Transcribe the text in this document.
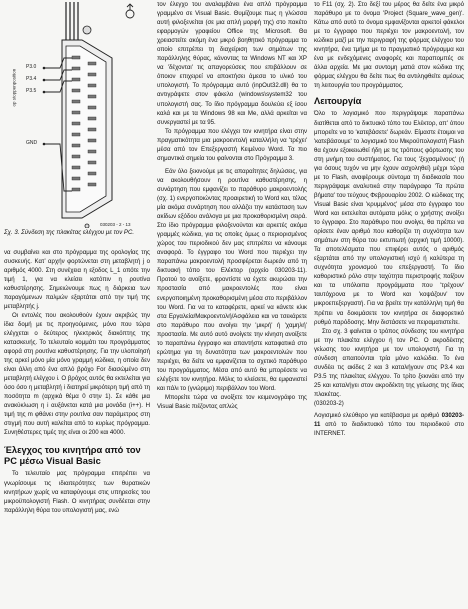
op stoppenposition
P3.0
P3.4
P3.5
GND
030203 - 2 - 13

Σχ. 3. Σύνδεση της πλακέτας ελέγχου με τον PC.

να συμβαίνει και στο πρόγραμμα της ορολογίας της συσκευής. Κατ’ αρχήν φορτώνεται στη μεταβλητή j ο αριθμός 4000. Στη συνέχεια η εξοδος L_1 οπότε την τιμή 1, για να κλείσει κατόπιν η ρουτίνα καθυστέρησης. Σημειώνουμε πως η διάρκεια των παραγόμενων παλμών εξαρτάται από την τιμή της μεταβλητής j.

Οι εντολές που ακολουθούν έχουν ακριβώς την ίδια δομή με τις προηγούμενες, μόνο που τώρα ελέγχεται ο δεύτερος ηλεκτρικός διακόπτης της κατασκευής. Το τελευταίο κομμάτι του προγράμματος αφορά στη ρουτίνα καθυστέρησης. Για την υλοποίησή της αρκεί μόνο μία μόνο γραμμή κώδικα, η οποία δεν είναι άλλη από ένα απλό βρόχο For διασώμένο στη μεταβλητή ελέγχου i. Ο βρόχος αυτός θα εκτελείται για όσο όσο η μεταβλητή i διατηρεί μικρότερη τιμή από τη ποσότητα m (αρχικά θέμα 0 στην 1). Σε κάθε μια ανακύκλωση η i αυξάνεται κατά μια μονάδα (i++). Η τιμή της m φθάνει στην ρουτίνα σαν παράμετρος στη στιγμή που αυτή καλείται από το κυρίως πρόγραμμα. Συνηθέστερες τιμές της είναι οι 200 και 4000.

Έλεγχος του κινητήρα από τον PC μέσω Visual Basic

Το τελευταίο μας πρόγραμμα επιτρέπει να γνωρίσουμε τις ιδιαιτερότητες των θυρατικών κινητήρων χωρίς να καταφύγουμε στις υπηρεσίες του μικροϋπολογιστή Flash. Ο κινητήρας συνδέεται στην παράλληλη θύρα του υπολογιστή μας, ενώ

τον έλεγχο του αναλαμβάνει ένα απλό πρόγραμμα γραμμένο σε Visual Basic. Θυμίζουμε πως η γλώσσα αυτή φιλοξενείται (σε μια απλή μορφή της) στο πακέτο εφαρμογών γραφείου Office της Microsoft. Θα χρειαστείτε ακόμη ένα μικρό βοηθητικό πρόγραμμα το οποίο επιτρέπει τη διαχείριση των σημάτων της παράλληλης θύρας, κάνοντας τα Windows NT και XP να 'δέχονται' τις απαγορεύσεις που επιβάλλουν σε όποιον επιχειρεί να αποκτήσει άμεσα το υλικό του υπολογιστή. Το πρόγραμμα αυτό (inpOut32.dll) θα το αντιγράψετε στον φάκελο (windows\system32 του υπολογιστή σας. Το ίδιο πρόγραμμα δουλεύει εξ ίσου καλά και με τα Windows 98 και Me, αλλά αρκείται να συνεργαστεί με τα 95.

Το πρόγραμμα που ελέγχει τον κινητήρα είναι στην πραγματικότητα μια μακροεντολή καταλλήλη να 'τρέχει' μέσα από τον Επεξεργαστή Κειμένου Word. Τα πιο σημαντικά σημεία του φαίνονται στο Πρόγραμμα 3.

Εάν όλο ξεκινούμε με τις απαραίτητες δηλώσεις, για να ακολουθήσουν η ρουτίνα καθυστέρησης, η συνάρτηση που εμφανίζει το παράθυρο μακροεντολής (σχ. 1) ενεργοποιώντας προαιρετική το Word και, τέλος μία ακόμα συνάρτηση που αλλάζει την κατάσταση των ακίδων εξόδου ανάλογα με μια προκαθορισμένη σειρά. Στο ίδιο πρόγραμμα φιλοξενούνται και αρκετές ακόμα γραμμές κώδικα, για τις οποίες όμως ο περιορισμένος χώρος του περιοδικού δεν μας επιτρέπει να κάνουμε αναφορά. Το έγγραφο του Word που περιέχει την παραπάνω μακροεντολή προσφέρεται δωρεάν από τη δικτυακή τόπο του Ελέκτορ (αρχείο 030203-11). Προτού το ανοίξετε, φροντίστε να έχετε ακυρώσει την προστασία από μακροεντολές που είναι ενεργοποιημένη προκαθορισμένη μέσα στο περιβάλλον του Word. Για να το καταφέρετε, αρκεί να κάνετε κλικ στα Εργαλεία/Μακροεντολή/Ασφάλεια και να τσεκάρετε στο παράθυρο που ανοίγει την 'μικρή' ή 'χαμηλή' προστασία. Με αυτό αυτό ανοίγετε την κίνηση ανοίξετε το παραπάνω έγγραφο και απαντήστε καταφατικά στο ερώτημα για τη δυνατότητα των μακροεντολών που περιέχει, θα δείτε να εμφανίζεται το σχετικό παράθυρο του προγράμματος. Μέσα από αυτό θα μπορέσετε να ελέγξετε τον κινητήρα. Μόλις το κλείσετε, θα εμφανιστεί και πάλι το (γνώριμο) περιβάλλον του Word.

Μπορείτε τώρα να ανοίξετε τον κειμενογράφο της Visual Basic πιέζοντας απλώς

το F11 (σχ. 2). Στο δεξί του μέρος θα δείτε ένα μικρό παράθυρο με το όνομα 'Project (Square_wave_gen)'. Κάτω από αυτό το όνομα εμφανίζονται αρκετοί φάκελοι με το έγγραφο που περιέχει τον μακροεντολή, τον κώδικα μαζί με την περιγραφή της φόρμας ελέγχου του κινητήρα, ένα τμήμα με το πραγματικό πρόγραμμα και ένα με ενδεχόμενες αναφορές και παραπομπές σε άλλα αρχεία. Με μια συντομη ματιά στον κώδικα της φόρμας ελέγχου θα δείτε πως θα αντιληφθείτε αμέσως τη λειτουργία του προγράμματος.

Λειτουργία

Όλο το λογισμικό που περιγράψαμε παραπάνω διατίθεται από το δικτυακό τόπο του Ελέκτορ, απ' όπου μπορείτε να το 'κατεβάσετε' δωρεάν. Είμαστε έτοιμοι να 'κατεβάσουμε' το λογισμικό του Μικροϋπολογιστή Flash θα έχουν εξοικειωθεί ήδη με τις τρόπους φόρτωσης του στη μνήμη του συστήματος. Για τους 'ξεχασμένους' (ή για όσους τυχόν να μην έχουν ασχοληθεί) μέχρι τώρα με το Flash, αναφέρουμε σύντομα τη διαδικασία που περιγράψαμε αναλυτικά στην παράγραφο 'Τα πρώτα βήματα' του τεύχους Φεβρουαρίου 2002. Ο κώδικας της Visual Basic είναι 'κρυμμένος' μέσα στο έγγραφο του Word και εκτελείται αυτόματα μόλις ο χρήστης ανοίξει το έγγραφο. Στο παράθυρο που ανοίγει, θα πρέπει να ορίσετε έναν αριθμό που καθορίζει τη συχνότητα των σημάτων στη θύρα του εκτυπωτή (αρχική τιμή 10000). Τα αποτελέσματα που επιφέρει αυτός ο αριθμός εξαρτάται από την υπολογιστική ισχύ ή καλύτερα τη συχνότητα χρονισμού του επεξεργαστή. Το ίδιο καθοριστικό ρόλο στην ταχύτητα περιστροφής παίζουν και τα υπόλοιπα προγράμματα που 'τρέχουν' ταυτόχρονα με το Word και 'κοψάζουν' τον μικροεπεξεργαστή. Για να βρείτε την κατάλληλη τιμή θα πρέπει να δοκιμάσετε τον κινητήρα σε διαφορετικό ρυθμό παρόδοσης. Μην διστάσετε να πειραματιστείτε.

Στο σχ. 3 φαίνεται ο τρόπος σύνδεσης του κινητήρα με την πλακέτα ελέγχου ή τον PC. Ο ακροδέκτης γείωσης του κινητήρα με τον υπολογιστή. Για τη σύνδεση απαιτούνται τρία μόνο καλώδια. Το ένα συνδέει τις ακίδες 2 και 3 καταλήγουν στις P3.4 και P3.5 της πλακέτας ελέγχου. Το τρίτο ξεκινάει από την 25 και καταλήγει στον ακροδέκτη της γείωσης της ίδιας πλακέτας.

(030203-2)

Λογισμικό ελεύθερο για κατέβασμα με αριθμό 030203-11 από το διαδικτυακό τόπο του περιοδικού στο INTERNET.
